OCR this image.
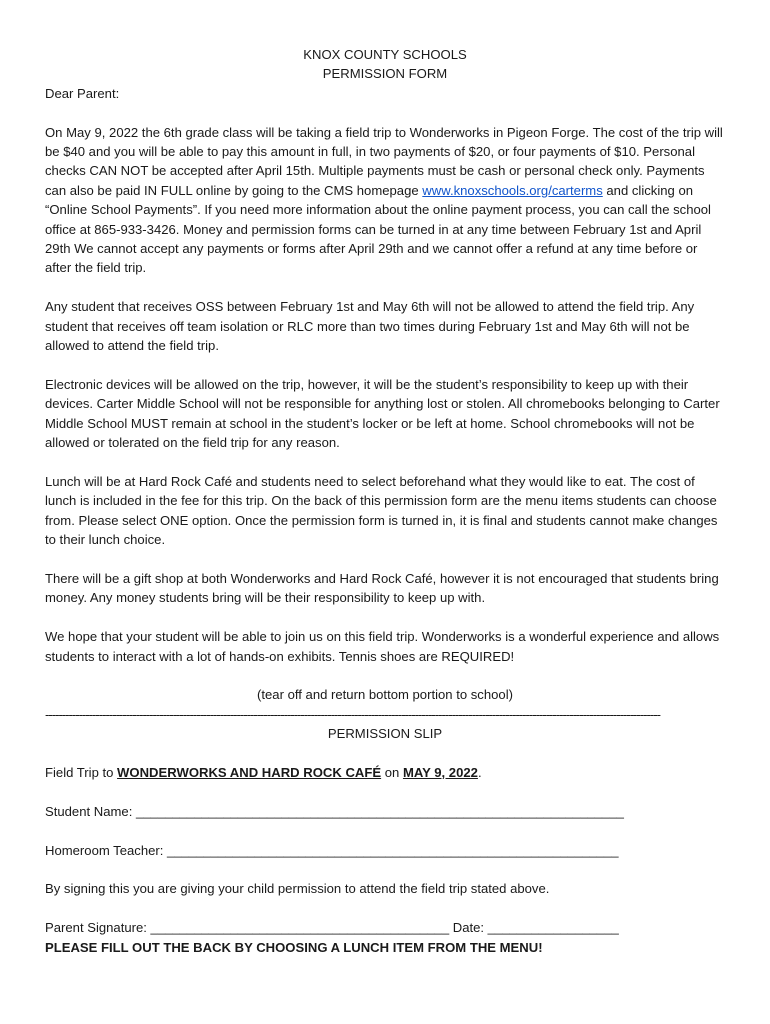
KNOX COUNTY SCHOOLS

PERMISSION FORM

Dear Parent:

On May 9, 2022 the 6th grade class will be taking a field trip to Wonderworks in Pigeon Forge. The cost of the trip will be $40 and you will be able to pay this amount in full, in two payments of $20, or four payments of $10. Personal checks CAN NOT be accepted after April 15th. Multiple payments must be cash or personal check only. Payments can also be paid IN FULL online by going to the CMS homepage www.knoxschools.org/carterms and clicking on “Online School Payments”. If you need more information about the online payment process, you can call the school office at 865-933-3426. Money and permission forms can be turned in at any time between February 1st and April 29th We cannot accept any payments or forms after April 29th and we cannot offer a refund at any time before or after the field trip.

Any student that receives OSS between February 1st and May 6th will not be allowed to attend the field trip. Any student that receives off team isolation or RLC more than two times during February 1st and May 6th will not be allowed to attend the field trip.

Electronic devices will be allowed on the trip, however, it will be the student’s responsibility to keep up with their devices. Carter Middle School will not be responsible for anything lost or stolen. All chromebooks belonging to Carter Middle School MUST remain at school in the student’s locker or be left at home. School chromebooks will not be allowed or tolerated on the field trip for any reason.

Lunch will be at Hard Rock Café and students need to select beforehand what they would like to eat. The cost of lunch is included in the fee for this trip. On the back of this permission form are the menu items students can choose from. Please select ONE option. Once the permission form is turned in, it is final and students cannot make changes to their lunch choice.

There will be a gift shop at both Wonderworks and Hard Rock Café, however it is not encouraged that students bring money. Any money students bring will be their responsibility to keep up with.

We hope that your student will be able to join us on this field trip. Wonderworks is a wonderful experience and allows students to interact with a lot of hands-on exhibits. Tennis shoes are REQUIRED!

(tear off and return bottom portion to school)

---------------------------------------------------------------------------------------------------------------------------------------------------------------------------------------

PERMISSION SLIP

Field Trip to WONDERWORKS AND HARD ROCK CAFÉ on MAY 9, 2022.

Student Name: ___________________________________________________________________

Homeroom Teacher: ______________________________________________________________

By signing this you are giving your child permission to attend the field trip stated above.

Parent Signature: _________________________________________ Date: __________________

PLEASE FILL OUT THE BACK BY CHOOSING A LUNCH ITEM FROM THE MENU!
